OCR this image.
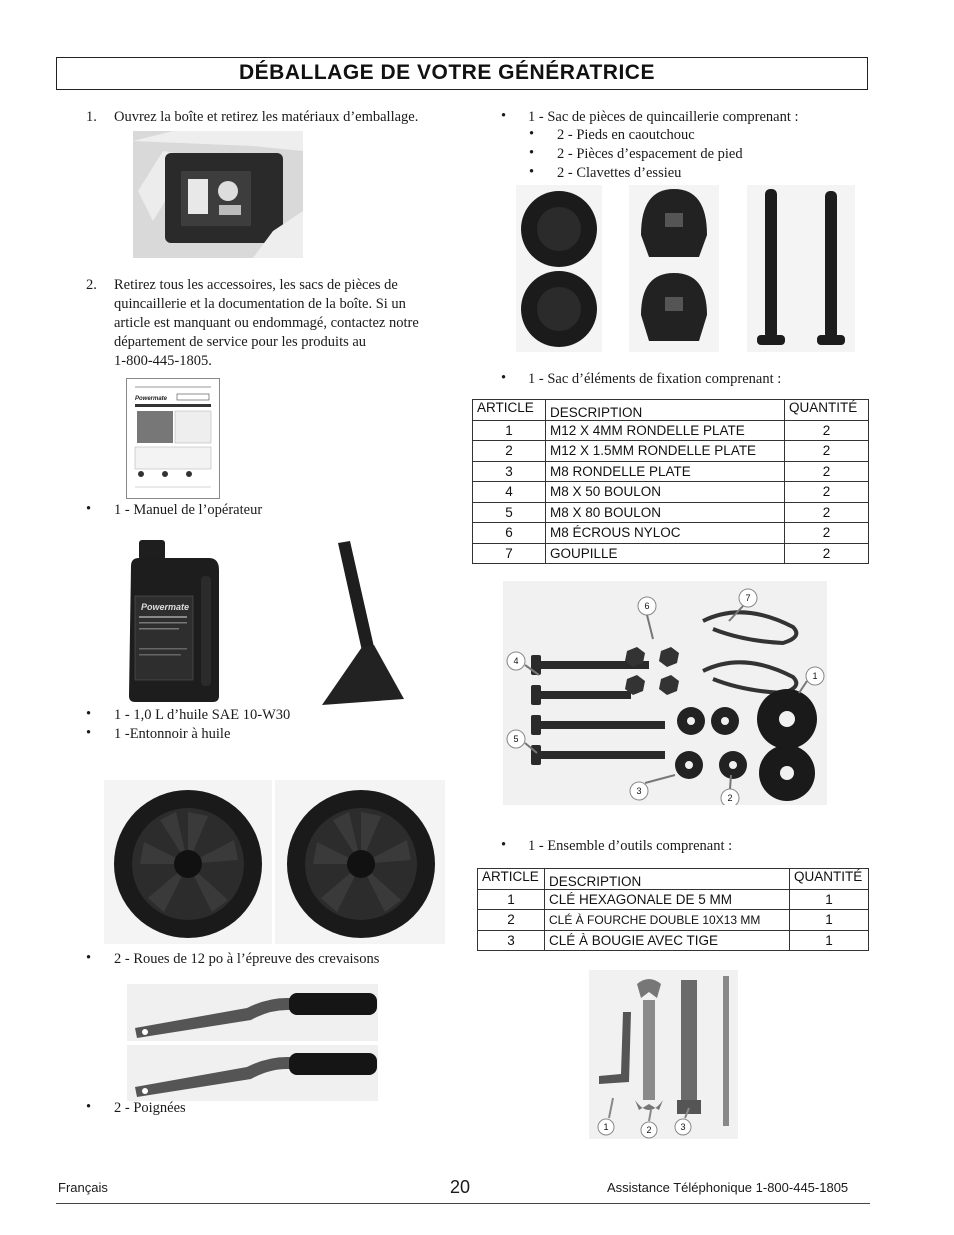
DÉBALLAGE DE VOTRE GÉNÉRATRICE
1. Ouvrez la boîte et retirez les matériaux d’emballage.
2. Retirez tous les accessoires, les sacs de pièces de
quincaillerie et la documentation de la boîte. Si un
article est manquant ou endommagé, contactez notre
département de service pour les produits au
1-800-445-1805.
Powermate
• 1 - Manuel de l’opérateur
Powermate
• 1 - 1,0 L d’huile SAE 10-W30
• 1 -Entonnoir à huile
• 2 - Roues de 12 po à l’épreuve des crevaisons
• 2 - Poignées
• 1 - Sac de pièces de quincaillerie comprenant :
• 2 - Pieds en caoutchouc
• 2 - Pièces d’espacement de pied
• 2 - Clavettes d’essieu
• 1 - Sac d’éléments de fixation comprenant :
ARTICLE	DESCRIPTION	QUANTITÉ
1	M12 X 4MM RONDELLE PLATE	2
2	M12 X 1.5MM RONDELLE PLATE	2
3	M8 RONDELLE PLATE	2
4	M8 X 50 BOULON	2
5	M8 X 80 BOULON	2
6	M8 ÉCROUS NYLOC	2
7	GOUPILLE	2
6
7
4
1
5
3
2
• 1 - Ensemble d’outils comprenant :
ARTICLE	DESCRIPTION	QUANTITÉ
1	CLÉ HEXAGONALE DE 5 MM	1
2	CLÉ À FOURCHE DOUBLE 10X13 MM	1
3	CLÉ À BOUGIE AVEC TIGE	1
1	2	3
Français	20	Assistance Téléphonique 1-800-445-1805
